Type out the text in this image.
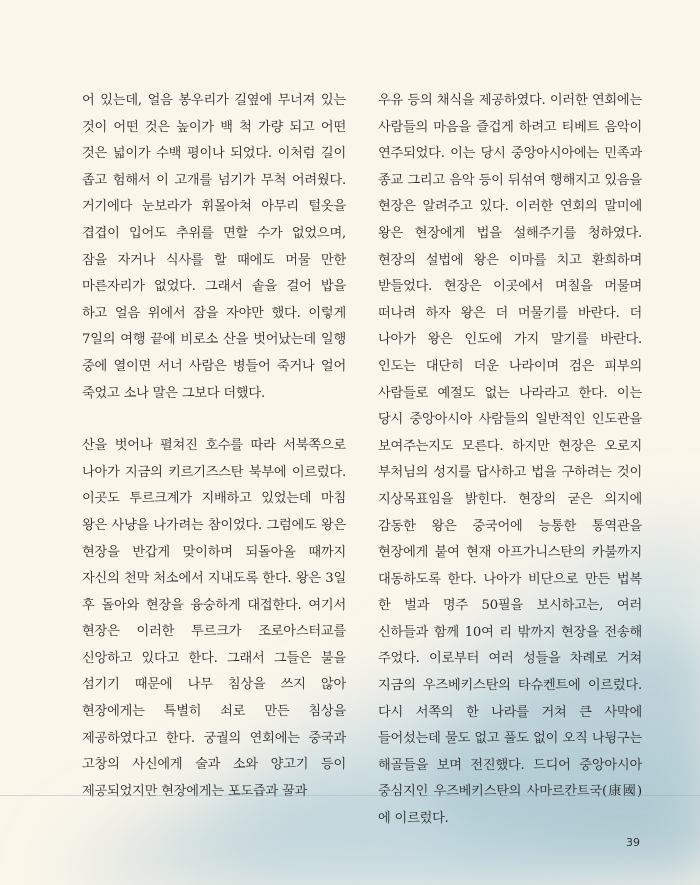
어 있는데, 얼음 봉우리가 길옆에 무너져 있는 것이 어떤 것은 높이가 백 척 가량 되고 어떤 것은 넓이가 수백 평이나 되었다. 이처럼 길이 좁고 험해서 이 고개를 넘기가 무척 어려웠다. 거기에다 눈보라가 휘몰아쳐 아무리 털옷을 겹겹이 입어도 추위를 면할 수가 없었으며, 잠을 자거나 식사를 할 때에도 머물 만한 마른자리가 없었다. 그래서 솥을 걸어 밥을 하고 얼음 위에서 잠을 자야만 했다. 이렇게 7일의 여행 끝에 비로소 산을 벗어났는데 일행 중에 열이면 서너 사람은 병들어 죽거나 얼어 죽었고 소나 말은 그보다 더했다.

산을 벗어나 펼쳐진 호수를 따라 서북쪽으로 나아가 지금의 키르기즈스탄 북부에 이르렀다. 이곳도 투르크계가 지배하고 있었는데 마침 왕은 사냥을 나가려는 참이었다. 그럼에도 왕은 현장을 반갑게 맞이하며 되돌아올 때까지 자신의 천막 처소에서 지내도록 한다. 왕은 3일 후 돌아와 현장을 융숭하게 대접한다. 여기서 현장은 이러한 투르크가 조로아스터교를 신앙하고 있다고 한다. 그래서 그들은 불을 섬기기 때문에 나무 침상을 쓰지 않아 현장에게는 특별히 쇠로 만든 침상을 제공하였다고 한다. 궁궐의 연회에는 중국과 고창의 사신에게 술과 소와 양고기 등이 제공되었지만 현장에게는 포도즙과 꿀과

우유 등의 채식을 제공하였다. 이러한 연회에는 사람들의 마음을 즐겁게 하려고 티베트 음악이 연주되었다. 이는 당시 중앙아시아에는 민족과 종교 그리고 음악 등이 뒤섞여 행해지고 있음을 현장은 알려주고 있다. 이러한 연회의 말미에 왕은 현장에게 법을 설해주기를 청하였다. 현장의 설법에 왕은 이마를 치고 환희하며 받들었다. 현장은 이곳에서 며칠을 머물며 떠나려 하자 왕은 더 머물기를 바란다. 더 나아가 왕은 인도에 가지 말기를 바란다. 인도는 대단히 더운 나라이며 검은 피부의 사람들로 예절도 없는 나라라고 한다. 이는 당시 중앙아시아 사람들의 일반적인 인도관을 보여주는지도 모른다. 하지만 현장은 오로지 부처님의 성지를 답사하고 법을 구하려는 것이 지상목표임을 밝힌다. 현장의 굳은 의지에 감동한 왕은 중국어에 능통한 통역관을 현장에게 붙여 현재 아프가니스탄의 카불까지 대동하도록 한다. 나아가 비단으로 만든 법복 한 벌과 명주 50필을 보시하고는, 여러 신하들과 함께 10여 리 밖까지 현장을 전송해 주었다. 이로부터 여러 성들을 차례로 거쳐 지금의 우즈베키스탄의 타슈켄트에 이르렀다. 다시 서쪽의 한 나라를 거쳐 큰 사막에 들어섰는데 물도 없고 풀도 없이 오직 나뒹구는 해골들을 보며 전진했다. 드디어 중앙아시아 중심지인 우즈베키스탄의 사마르칸트국(康國)에 이르렀다.

39
